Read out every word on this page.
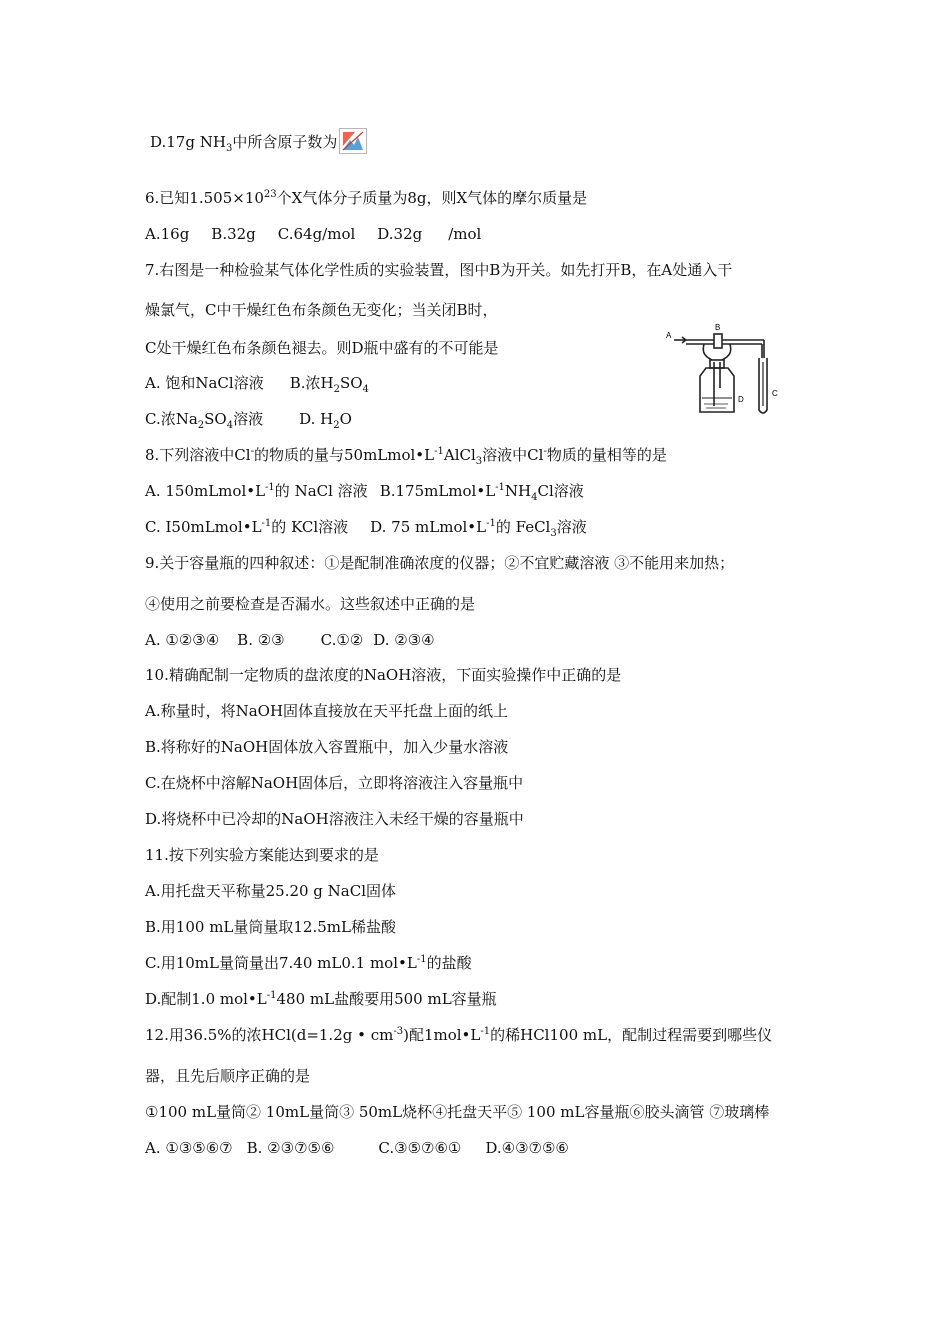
D.17g $NH_3$中所含原子数为
6.已知$1.505\times 10^{23}$个X气体分子质量为8g，则X气体的摩尔质量是
A.16g B.32g C.64g/mol D.32g /mol
7.右图是一种检验某气体化学性质的实验装置，图中B为开关。如先打开B，在A处通入干
燥氯气，C中干燥红色布条颜色无变化；当关闭B时，
C处干燥红色布条颜色褪去。则D瓶中盛有的不可能是
A. 饱和NaCl溶液 B.浓$H_2SO_4$
C.浓$Na_2SO_4$溶液 D. $H_2O$
A
B
D
C
8.下列溶液中Cl-的物质的量与$50mLmol•L^{-1}AlCl_3$溶液中Cl-物质的量相等的是
A. $150mLmol•L^{-1}$的 NaCl 溶液 $B.175mLmol•L^{-1}NH_4Cl$溶液
C. $I50mLmol•L^{-1}$的 KCl溶液 D. 75 $mLmol•L^{-1}$的 FeCl$_3$溶液
9.关于容量瓶的四种叙述：①是配制准确浓度的仪器；②不宜贮藏溶液 ③不能用来加热；
④使用之前要检查是否漏水。这些叙述中正确的是
A. ①②③④ B. ②③ C.①② D. ②③④
10.精确配制一定物质的盘浓度的NaOH溶液，下面实验操作中正确的是
A.称量时，将NaOH固体直接放在天平托盘上面的纸上
B.将称好的NaOH固体放入容置瓶中，加入少量水溶液
C.在烧杯中溶解NaOH固体后，立即将溶液注入容量瓶中
D.将烧杯中已冷却的NaOH溶液注入未经干燥的容量瓶中
11.按下列实验方案能达到要求的是
A.用托盘天平称量25.20 g NaCl固体
B.用100 mL量筒量取12.5mL稀盐酸
C.用10mL量筒量出7.40 mL0.1 $mol•L^{-1}$的盐酸
D.配制1.0 $mol•L^{-1}480$ mL盐酸要用500 mL容量瓶
12.用36.5%的浓HCl(d=1.2g • $cm^{-3}$)配$1mol•L^{-1}$的稀HCl100 mL，配制过程需要到哪些仪
器，且先后顺序正确的是
①100 mL量筒② 10mL量筒③ 50mL烧杯④托盘天平⑤ 100 mL容量瓶⑥胶头滴管 ⑦玻璃棒
A. ①③⑤⑥⑦ B. ②③⑦⑤⑥	C.③⑤⑦⑥① D.④③⑦⑤⑥
